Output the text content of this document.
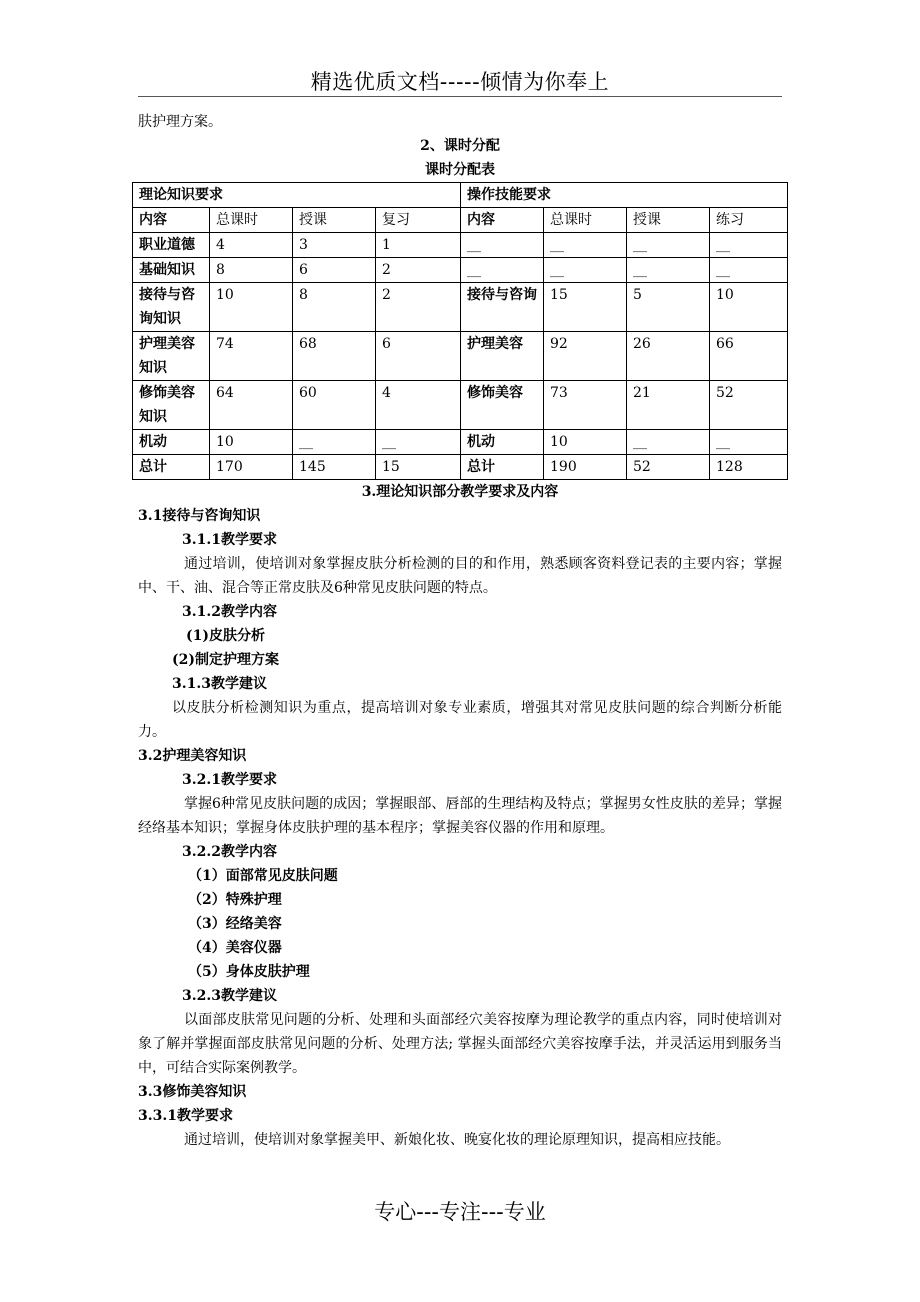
精选优质文档-----倾情为你奉上
肤护理方案。
2、课时分配
课时分配表
理论知识要求				操作技能要求			
内容	总课时	授课	复习	内容	总课时	授课	练习
职业道德	4	3	1	__	__	__	__
基础知识	8	6	2	__	__	__	__
接待与咨询知识	10	8	2	接待与咨询	15	5	10
护理美容知识	74	68	6	护理美容	92	26	66
修饰美容知识	64	60	4	修饰美容	73	21	52
机动	10	__	__	机动	10	__	__
总计	170	145	15	总计	190	52	128
3.理论知识部分教学要求及内容
3.1接待与咨询知识
3.1.1教学要求
通过培训，使培训对象掌握皮肤分析检测的目的和作用，熟悉顾客资料登记表的主要内容；掌握中、干、油、混合等正常皮肤及6种常见皮肤问题的特点。
3.1.2教学内容
(1)皮肤分析
(2)制定护理方案
3.1.3教学建议
以皮肤分析检测知识为重点，提高培训对象专业素质，增强其对常见皮肤问题的综合判断分析能力。
3.2护理美容知识
3.2.1教学要求
掌握6种常见皮肤问题的成因；掌握眼部、唇部的生理结构及特点；掌握男女性皮肤的差异；掌握经络基本知识；掌握身体皮肤护理的基本程序；掌握美容仪器的作用和原理。
3.2.2教学内容
（1）面部常见皮肤问题
（2）特殊护理
（3）经络美容
（4）美容仪器
（5）身体皮肤护理
3.2.3教学建议
以面部皮肤常见问题的分析、处理和头面部经穴美容按摩为理论教学的重点内容，同时使培训对象了解并掌握面部皮肤常见问题的分析、处理方法; 掌握头面部经穴美容按摩手法，并灵活运用到服务当中，可结合实际案例教学。
3.3修饰美容知识
3.3.1教学要求
通过培训，使培训对象掌握美甲、新娘化妆、晚宴化妆的理论原理知识，提高相应技能。
专心---专注---专业
